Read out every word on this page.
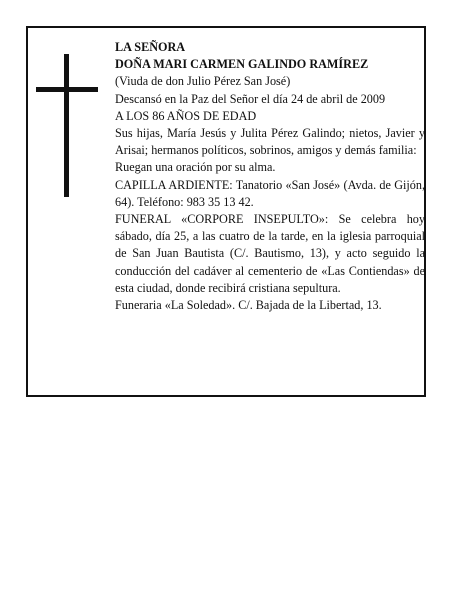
LA SEÑORA

DOÑA MARI CARMEN GALINDO RAMÍREZ

(Viuda de don Julio Pérez San José)

Descansó en la Paz del Señor el día 24 de abril de 2009

A LOS 86 AÑOS DE EDAD

Sus hijas, María Jesús y Julita Pérez Galindo; nietos, Javier y Arisai; hermanos políticos, sobrinos, amigos y demás familia:

Ruegan una oración por su alma.

CAPILLA ARDIENTE: Tanatorio «San José» (Avda. de Gijón, 64). Teléfono: 983 35 13 42.

FUNERAL «CORPORE INSEPULTO»: Se celebra hoy sábado, día 25, a las cuatro de la tarde, en la iglesia parroquial de San Juan Bautista (C/. Bautismo, 13), y acto seguido la conducción del cadáver al cementerio de «Las Contiendas» de esta ciudad, donde recibirá cristiana sepultura.

Funeraria «La Soledad». C/. Bajada de la Libertad, 13.
